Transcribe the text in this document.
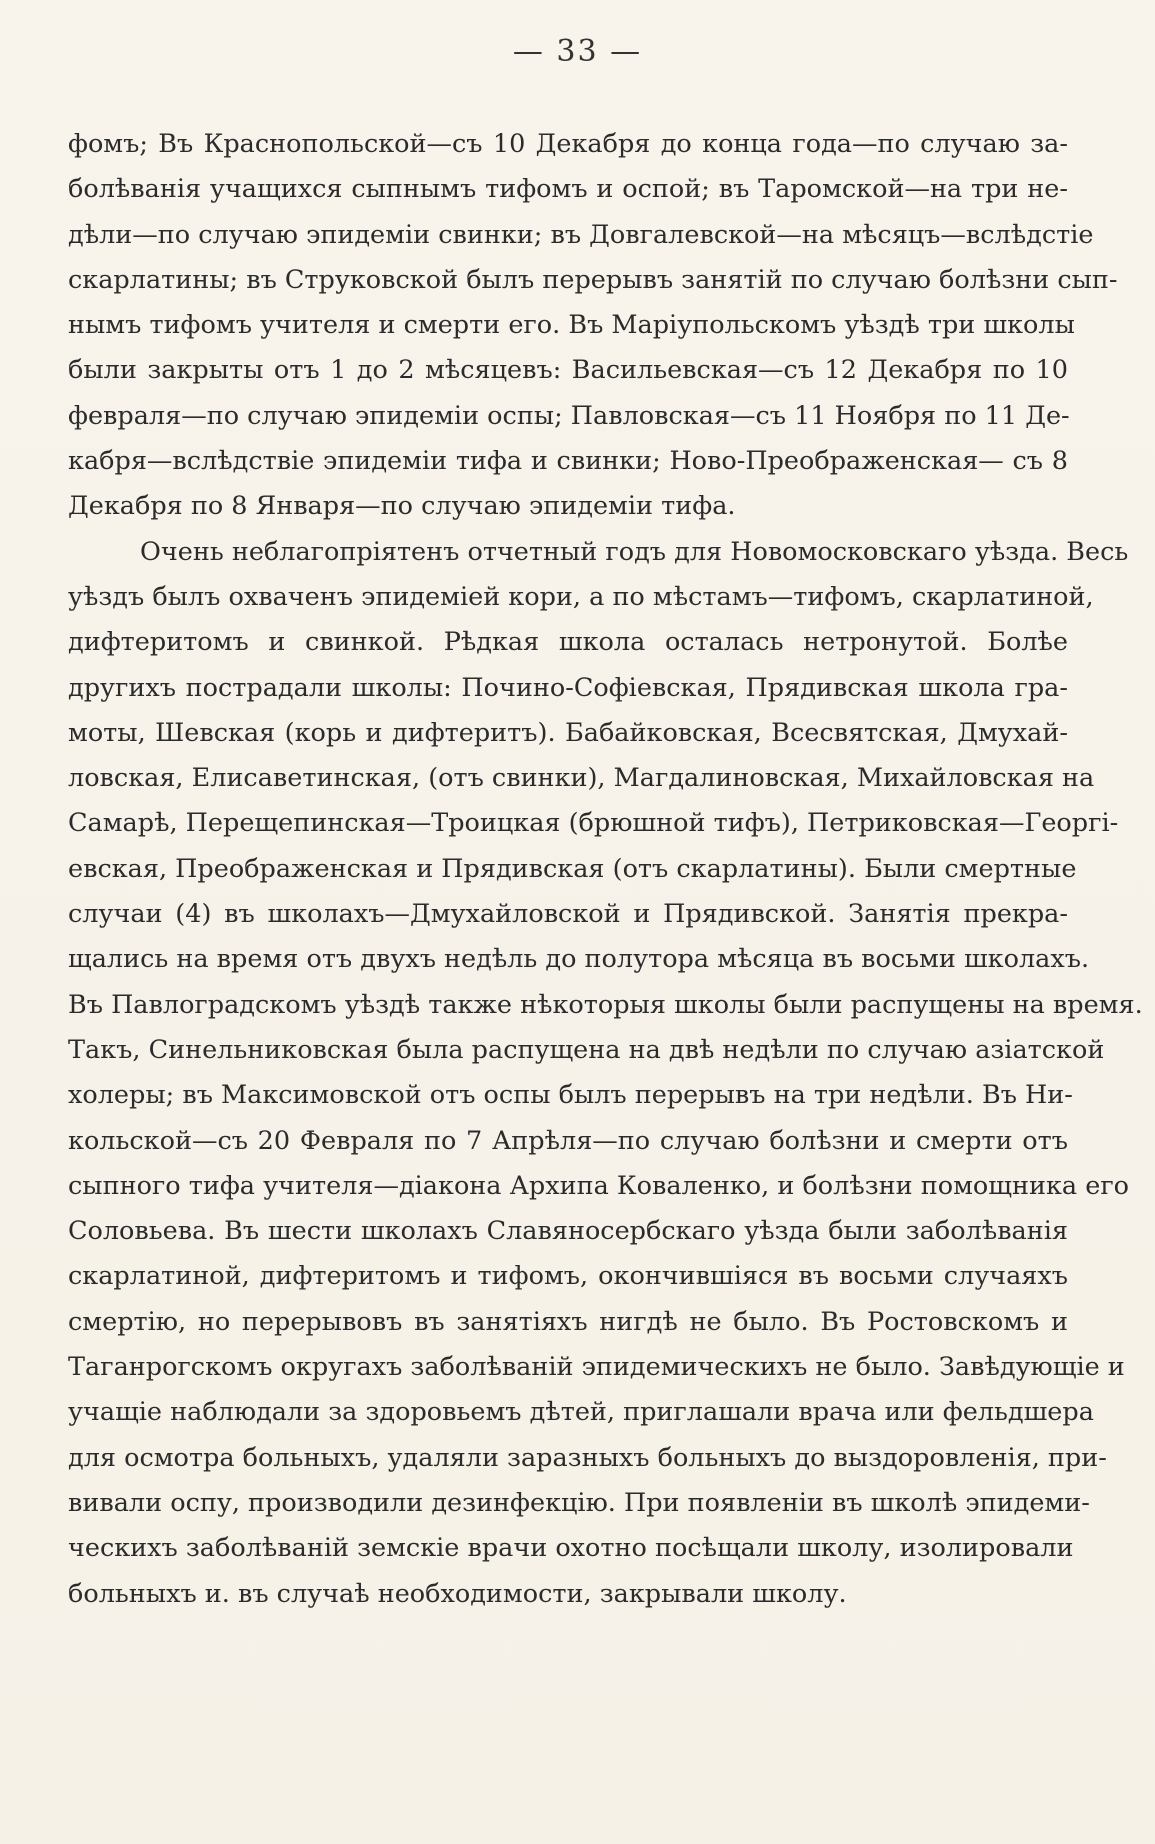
— 33 —
фомъ; Въ Краснопольской—съ 10 Декабря до конца года—по случаю за-
болѣванія учащихся сыпнымъ тифомъ и оспой; въ Таромской—на три не-
дѣли—по случаю эпидеміи свинки; въ Довгалевской—на мѣсяцъ—вслѣдстіе
скарлатины; въ Струковской былъ перерывъ занятій по случаю болѣзни сып-
нымъ тифомъ учителя и смерти его. Въ Маріупольскомъ уѣздѣ три школы
были закрыты отъ 1 до 2 мѣсяцевъ: Васильевская—съ 12 Декабря по 10
февраля—по случаю эпидеміи оспы; Павловская—съ 11 Ноября по 11 Де-
кабря—вслѣдствіе эпидеміи тифа и свинки; Ново-Преображенская— съ 8
Декабря по 8 Января—по случаю эпидеміи тифа.
Очень неблагопріятенъ отчетный годъ для Новомосковскаго уѣзда. Весь
уѣздъ былъ охваченъ эпидеміей кори, а по мѣстамъ—тифомъ, скарлатиной,
дифтеритомъ и свинкой. Рѣдкая школа осталась нетронутой. Болѣе
другихъ пострадали школы: Почино-Софіевская, Прядивская школа гра-
моты, Шевская (корь и дифтеритъ). Бабайковская, Всесвятская, Дмухай-
ловская, Елисаветинская, (отъ свинки), Магдалиновская, Михайловская на
Самарѣ, Перещепинская—Троицкая (брюшной тифъ), Петриковская—Георгі-
евская, Преображенская и Прядивская (отъ скарлатины). Были смертные
случаи (4) въ школахъ—Дмухайловской и Прядивской. Занятія прекра-
щались на время отъ двухъ недѣль до полутора мѣсяца въ восьми школахъ.
Въ Павлоградскомъ уѣздѣ также нѣкоторыя школы были распущены на время.
Такъ, Синельниковская была распущена на двѣ недѣли по случаю азіатской
холеры; въ Максимовской отъ оспы былъ перерывъ на три недѣли. Въ Ни-
кольской—съ 20 Февраля по 7 Апрѣля—по случаю болѣзни и смерти отъ
сыпного тифа учителя—діакона Архипа Коваленко, и болѣзни помощника его
Соловьева. Въ шести школахъ Славяносербскаго уѣзда были заболѣванія
скарлатиной, дифтеритомъ и тифомъ, окончившіяся въ восьми случаяхъ
смертію, но перерывовъ въ занятіяхъ нигдѣ не было. Въ Ростовскомъ и
Таганрогскомъ округахъ заболѣваній эпидемическихъ не было. Завѣдующіе и
учащіе наблюдали за здоровьемъ дѣтей, приглашали врача или фельдшера
для осмотра больныхъ, удаляли заразныхъ больныхъ до выздоровленія, при-
вивали оспу, производили дезинфекцію. При появленіи въ школѣ эпидеми-
ческихъ заболѣваній земскіе врачи охотно посѣщали школу, изолировали
больныхъ и. въ случаѣ необходимости, закрывали школу.
